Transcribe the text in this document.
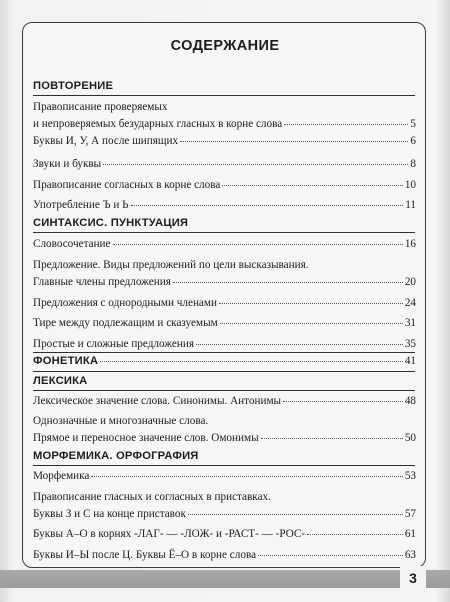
СОДЕРЖАНИЕ
ПОВТОРЕНИЕ
Правописание проверяемых
и непроверяемых безударных гласных в корне слова	5
Буквы И, У, А после шипящих	6
Звуки и буквы	8
Правописание согласных в корне слова	10
Употребление Ъ и Ь	11
СИНТАКСИС. ПУНКТУАЦИЯ
Словосочетание	16
Предложение. Виды предложений по цели высказывания.
Главные члены предложения	20
Предложения с однородными членами	24
Тире между подлежащим и сказуемым	31
Простые и сложные предложения	35
ФОНЕТИКА	41
ЛЕКСИКА
Лексическое значение слова. Синонимы. Антонимы	48
Однозначные и многозначные слова.
Прямое и переносное значение слов. Омонимы	50
МОРФЕМИКА. ОРФОГРАФИЯ
Морфемика	53
Правописание гласных и согласных в приставках.
Буквы З и С на конце приставок	57
Буквы А–О в корнях -ЛАГ- — -ЛОЖ- и -РАСТ- — -РОС-	61
Буквы И–Ы после Ц. Буквы Ё–О в корне слова	63
3
